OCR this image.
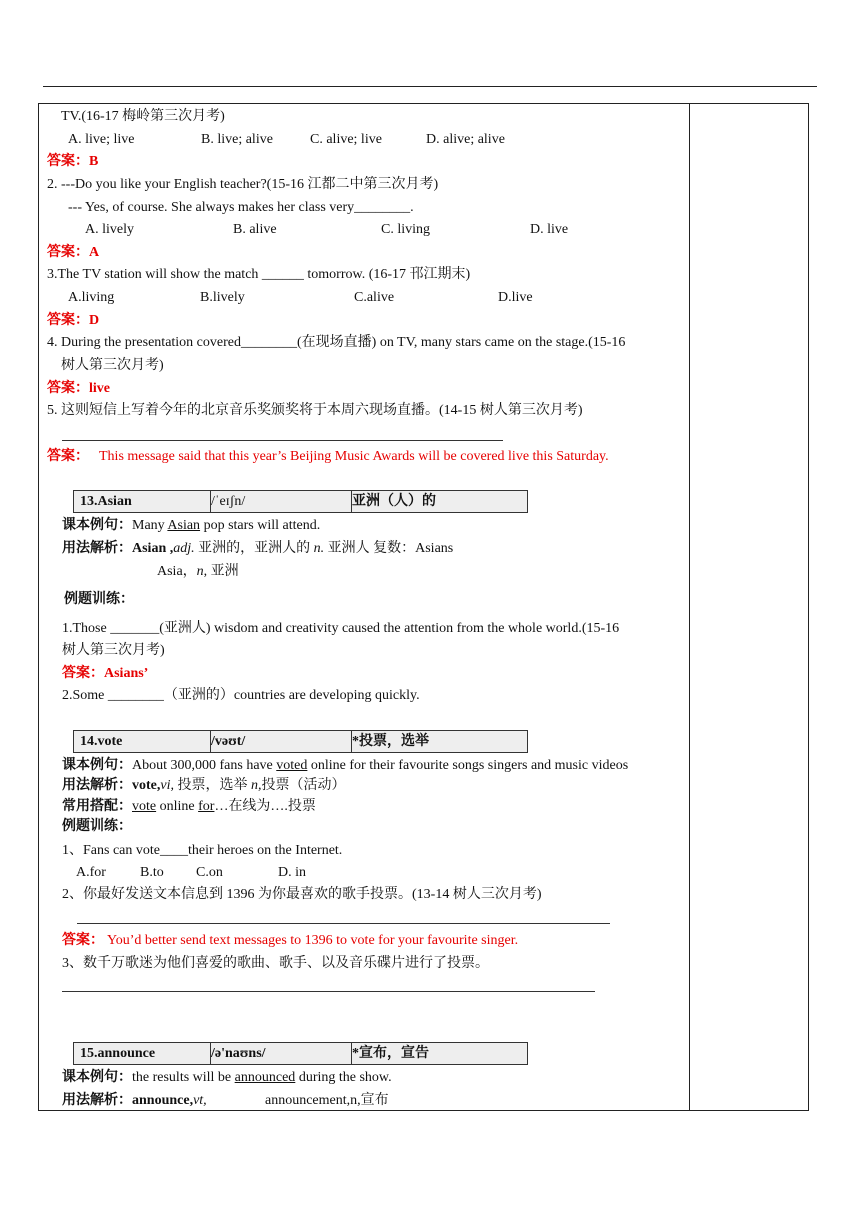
TV.(16-17 梅岭第三次月考)
A. live; live	B. live; alive	C. alive; live	D. alive; alive
答案：B
2. ---Do you like your English teacher?(15-16 江都二中第三次月考)
--- Yes, of course. She always makes her class very________.
A. lively	B. alive	C. living	D. live
答案：A
3.The TV station will show the match ______ tomorrow. (16-17 邗江期末)
A.living	B.lively	C.alive	D.live
答案：D
4. During the presentation covered________(在现场直播) on TV, many stars came on the stage.(15-16
树人第三次月考)
答案：live
5. 这则短信上写着今年的北京音乐奖颁奖将于本周六现场直播。(14-15 树人第三次月考)
答案： This message said that this year’s Beijing Music Awards will be covered live this Saturday.
13.Asian	/ˈeɪʃn/	亚洲（人）的
课本例句：Many Asian pop stars will attend.
用法解析：Asian ,adj. 亚洲的，亚洲人的 n. 亚洲人 复数：Asians
Asia，n, 亚洲
例题训练：
1.Those _______(亚洲人) wisdom and creativity caused the attention from the whole world.(15-16
树人第三次月考)
答案：Asians’
2.Some ________（亚洲的）countries are developing quickly.
14.vote	/vəʊt/	*投票，选举
课本例句：About 300,000 fans have voted online for their favourite songs singers and music videos
用法解析：vote,vi, 投票，选举 n,投票（活动）
常用搭配：vote online for…在线为….投票
例题训练：
1、Fans can vote____their heroes on the Internet.
A.for B.to C.on	D. in
2、你最好发送文本信息到 1396 为你最喜欢的歌手投票。(13-14 树人三次月考)
答案： You’d better send text messages to 1396 to vote for your favourite singer.
3、数千万歌迷为他们喜爱的歌曲、歌手、以及音乐碟片进行了投票。
15.announce	/ə'naʊns/	*宣布，宣告
课本例句：the results will be announced during the show.
用法解析：announce,vt,	announcement,n,宣布
